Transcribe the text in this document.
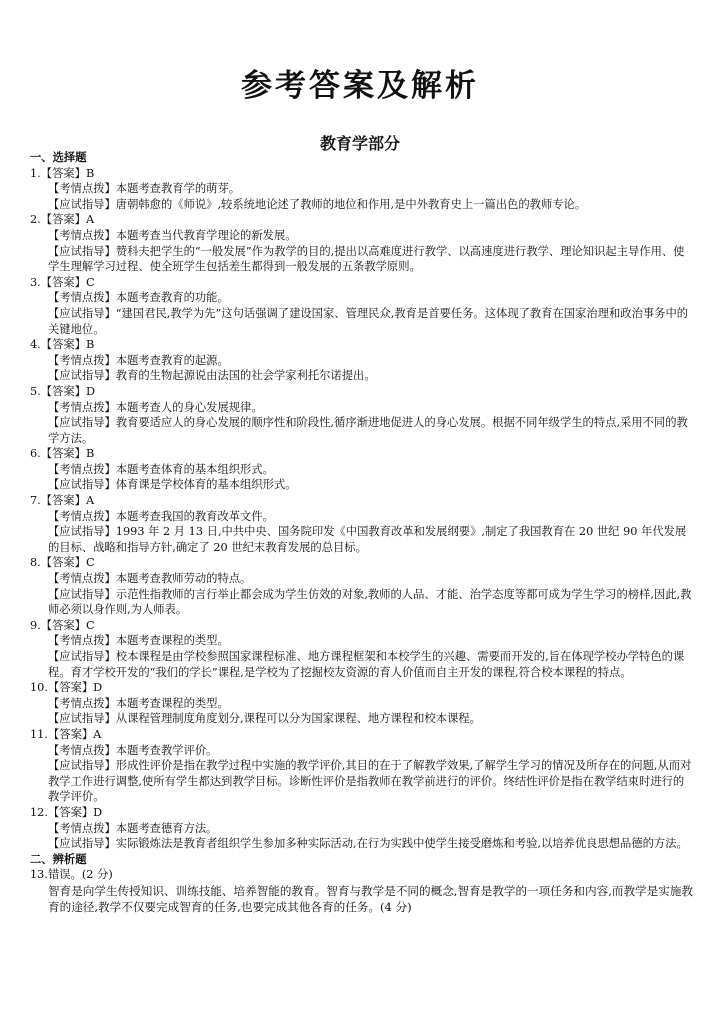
参考答案及解析
教育学部分
一、选择题
1.【答案】B
【考情点拨】本题考查教育学的萌芽。
【应试指导】唐朝韩愈的《师说》,较系统地论述了教师的地位和作用,是中外教育史上一篇出色的教师专论。
2.【答案】A
【考情点拨】本题考查当代教育学理论的新发展。
【应试指导】赞科夫把学生的“一般发展”作为教学的目的,提出以高难度进行教学、以高速度进行教学、理论知识起主导作用、使学生理解学习过程、使全班学生包括差生都得到一般发展的五条教学原则。
3.【答案】C
【考情点拨】本题考查教育的功能。
【应试指导】“建国君民,教学为先”这句话强调了建设国家、管理民众,教育是首要任务。这体现了教育在国家治理和政治事务中的关键地位。
4.【答案】B
【考情点拨】本题考查教育的起源。
【应试指导】教育的生物起源说由法国的社会学家利托尔诺提出。
5.【答案】D
【考情点拨】本题考查人的身心发展规律。
【应试指导】教育要适应人的身心发展的顺序性和阶段性,循序渐进地促进人的身心发展。根据不同年级学生的特点,采用不同的教学方法。
6.【答案】B
【考情点拨】本题考查体育的基本组织形式。
【应试指导】体育课是学校体育的基本组织形式。
7.【答案】A
【考情点拨】本题考查我国的教育改革文件。
【应试指导】1993 年 2 月 13 日,中共中央、国务院印发《中国教育改革和发展纲要》,制定了我国教育在 20 世纪 90 年代发展的目标、战略和指导方针,确定了 20 世纪末教育发展的总目标。
8.【答案】C
【考情点拨】本题考查教师劳动的特点。
【应试指导】示范性指教师的言行举止都会成为学生仿效的对象,教师的人品、才能、治学态度等都可成为学生学习的榜样,因此,教师必须以身作则,为人师表。
9.【答案】C
【考情点拨】本题考查课程的类型。
【应试指导】校本课程是由学校参照国家课程标准、地方课程框架和本校学生的兴趣、需要而开发的,旨在体现学校办学特色的课程。育才学校开发的“我们的学长”课程,是学校为了挖掘校友资源的育人价值而自主开发的课程,符合校本课程的特点。
10.【答案】D
【考情点拨】本题考查课程的类型。
【应试指导】从课程管理制度角度划分,课程可以分为国家课程、地方课程和校本课程。
11.【答案】A
【考情点拨】本题考查教学评价。
【应试指导】形成性评价是指在教学过程中实施的教学评价,其目的在于了解教学效果,了解学生学习的情况及所存在的问题,从而对教学工作进行调整,使所有学生都达到教学目标。诊断性评价是指教师在教学前进行的评价。终结性评价是指在教学结束时进行的教学评价。
12.【答案】D
【考情点拨】本题考查德育方法。
【应试指导】实际锻炼法是教育者组织学生参加多种实际活动,在行为实践中使学生接受磨炼和考验,以培养优良思想品德的方法。
二、辨析题
13.错误。(2 分)
智育是向学生传授知识、训练技能、培养智能的教育。智育与教学是不同的概念,智育是教学的一项任务和内容,而教学是实施教育的途径,教学不仅要完成智育的任务,也要完成其他各育的任务。(4 分)
